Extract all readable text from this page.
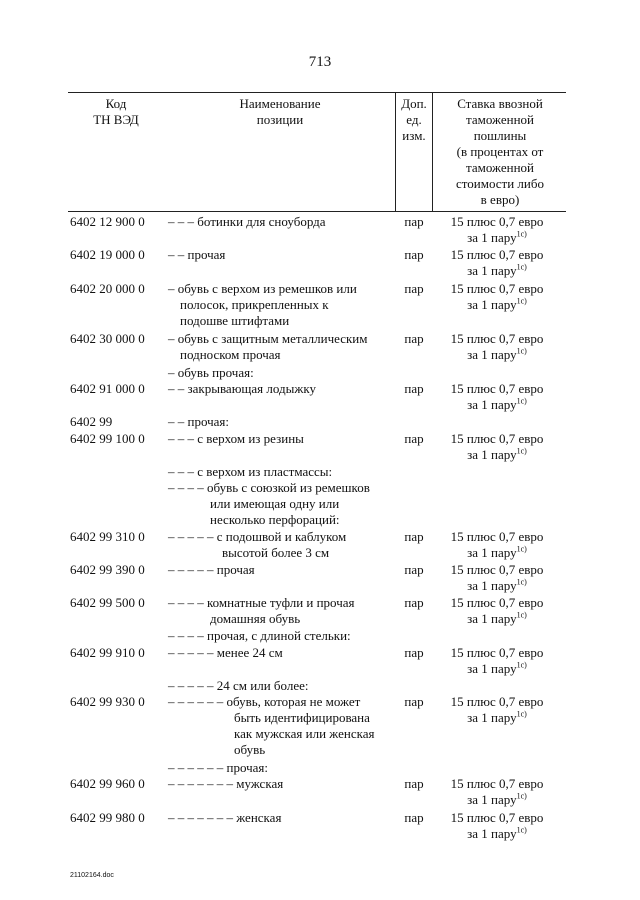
713
Код
ТН ВЭД
Наименование
позиции
Доп.
ед.
изм.
Ставка ввозной
таможенной
пошлины
(в процентах от
таможенной
стоимости либо
в евро)
6402 12 900 0	– – – ботинки для сноуборда	пар	15 плюс 0,7 евро
за 1 пару$^{1c)}$
6402 19 000 0	– – прочая	пар	15 плюс 0,7 евро
за 1 пару$^{1c)}$
6402 20 000 0	– обувь с верхом из ремешков или
полосок, прикрепленных к
подошве штифтами
пар	15 плюс 0,7 евро
за 1 пару$^{1c)}$
6402 30 000 0	– обувь с защитным металлическим
подноском прочая
пар	15 плюс 0,7 евро
за 1 пару$^{1c)}$
– обувь прочая:
6402 91 000 0	– – закрывающая лодыжку	пар	15 плюс 0,7 евро
за 1 пару$^{1c)}$
6402 99	– – прочая:
6402 99 100 0	– – – с верхом из резины	пар	15 плюс 0,7 евро
за 1 пару$^{1c)}$
– – – с верхом из пластмассы:
– – – – обувь с союзкой из ремешков
или имеющая одну или
несколько перфораций:
6402 99 310 0	– – – – – с подошвой и каблуком
высотой более 3 см
пар	15 плюс 0,7 евро
за 1 пару$^{1c)}$
6402 99 390 0	– – – – – прочая	пар	15 плюс 0,7 евро
за 1 пару$^{1c)}$
6402 99 500 0	– – – – комнатные туфли и прочая
домашняя обувь
пар	15 плюс 0,7 евро
за 1 пару$^{1c)}$
– – – – прочая, с длиной стельки:
6402 99 910 0	– – – – – менее 24 см	пар	15 плюс 0,7 евро
за 1 пару$^{1c)}$
– – – – – 24 см или более:
6402 99 930 0	– – – – – – обувь, которая не может
быть идентифицирована
как мужская или женская
обувь
пар	15 плюс 0,7 евро
за 1 пару$^{1c)}$
– – – – – – прочая:
6402 99 960 0	– – – – – – – мужская	пар	15 плюс 0,7 евро
за 1 пару$^{1c)}$
6402 99 980 0	– – – – – – – женская	пар	15 плюс 0,7 евро
за 1 пару$^{1c)}$
21102164.doc
